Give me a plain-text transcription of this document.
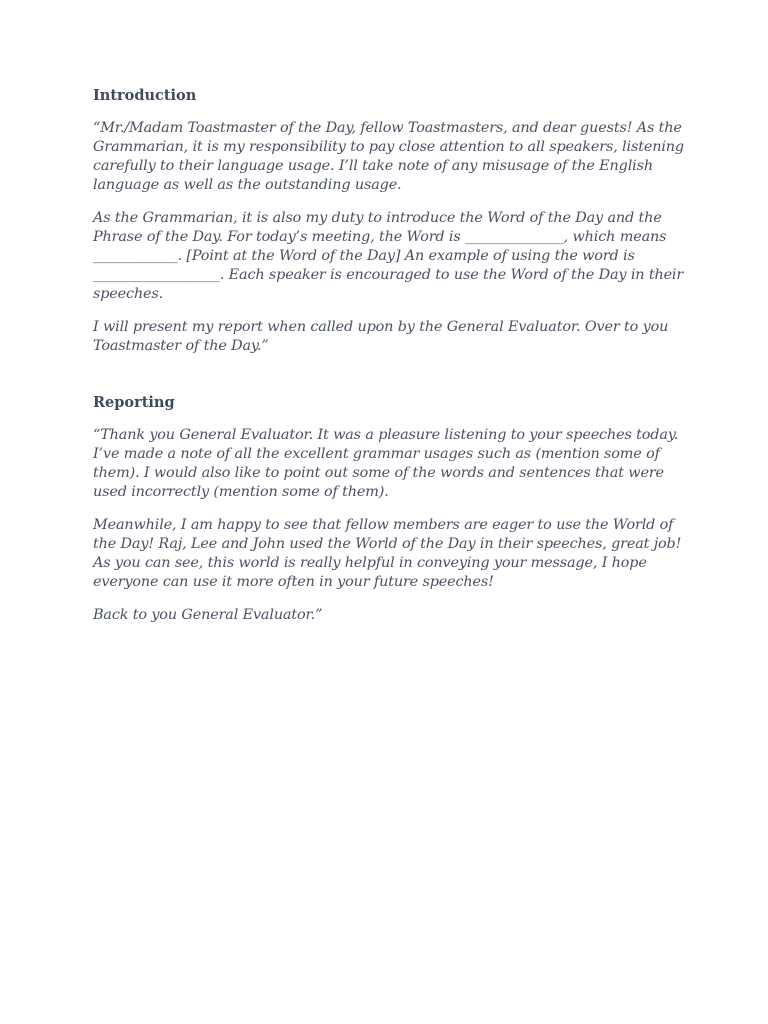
Introduction

“Mr./Madam Toastmaster of the Day, fellow Toastmasters, and dear guests! As the Grammarian, it is my responsibility to pay close attention to all speakers, listening carefully to their language usage. I’ll take note of any misusage of the English language as well as the outstanding usage.

As the Grammarian, it is also my duty to introduce the Word of the Day and the Phrase of the Day. For today’s meeting, the Word is ______________, which means ____________. [Point at the Word of the Day] An example of using the word is __________________. Each speaker is encouraged to use the Word of the Day in their speeches.

I will present my report when called upon by the General Evaluator. Over to you Toastmaster of the Day.”

Reporting

“Thank you General Evaluator. It was a pleasure listening to your speeches today. I’ve made a note of all the excellent grammar usages such as (mention some of them). I would also like to point out some of the words and sentences that were used incorrectly (mention some of them).

Meanwhile, I am happy to see that fellow members are eager to use the World of the Day! Raj, Lee and John used the World of the Day in their speeches, great job! As you can see, this world is really helpful in conveying your message, I hope everyone can use it more often in your future speeches!

Back to you General Evaluator.”
